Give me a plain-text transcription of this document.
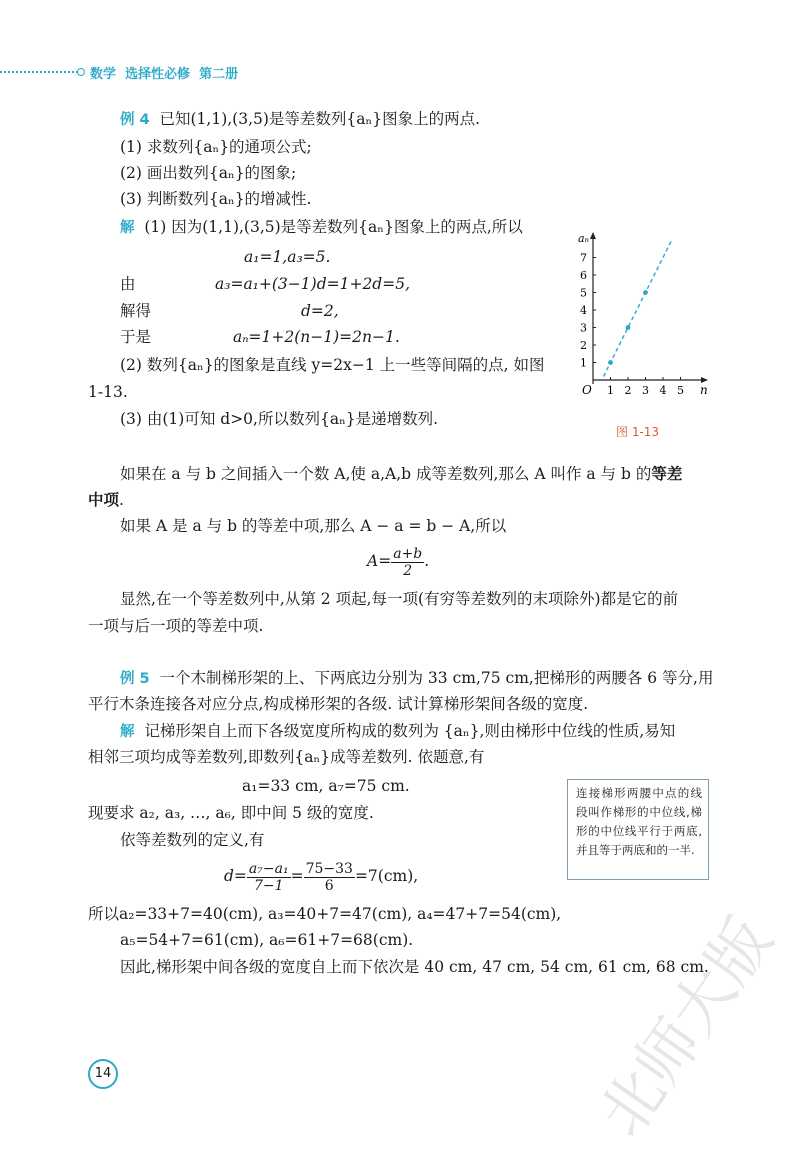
数学  选择性必修  第二册
例 4 已知(1,1),(3,5)是等差数列{aₙ}图象上的两点.
(1) 求数列{aₙ}的通项公式;
(2) 画出数列{aₙ}的图象;
(3) 判断数列{aₙ}的增减性.
解 (1) 因为(1,1),(3,5)是等差数列{aₙ}图象上的两点,所以
a₁=1,a₃=5.
由	a₃=a₁+(3−1)d=1+2d=5,
解得	d=2,
于是	aₙ=1+2(n−1)=2n−1.
(2) 数列{aₙ}的图象是直线 y=2x−1 上一些等间隔的点, 如图
1-13.
(3) 由(1)可知 d>0,所以数列{aₙ}是递增数列.
1 2 3 4 5
1
2
3
4
5
6
7
O	n
aₙ
图 1-13
如果在 a 与 b 之间插入一个数 A,使 a,A,b 成等差数列,那么 A 叫作 a 与 b 的等差
中项.
如果 A 是 a 与 b 的等差中项,那么 A − a = b − A,所以
$A= \frac{a+b}{2}$ .
显然,在一个等差数列中,从第 2 项起,每一项(有穷等差数列的末项除外)都是它的前
一项与后一项的等差中项.
例 5 一个木制梯形架的上、下两底边分别为 33 cm,75 cm,把梯形的两腰各 6 等分,用
平行木条连接各对应分点,构成梯形架的各级. 试计算梯形架间各级的宽度.
解 记梯形架自上而下各级宽度所构成的数列为 {aₙ},则由梯形中位线的性质,易知
相邻三项均成等差数列,即数列{aₙ}成等差数列. 依题意,有
a₁=33 cm, a₇=75 cm.
现要求 a₂, a₃, …, a₆, 即中间 5 级的宽度.
依等差数列的定义,有
$d= \frac{\text{a₇−a₁}}{7-1} = \frac{75-33}{6} =7(cm)$,
所以a₂=33+7=40(cm), a₃=40+7=47(cm), a₄=47+7=54(cm),
a₅=54+7=61(cm), a₆=61+7=68(cm).
因此,梯形架中间各级的宽度自上而下依次是 40 cm, 47 cm, 54 cm, 61 cm, 68 cm.
连接梯形两腰中点的线段叫作梯形的中位线,梯形的中位线平行于两底,并且等于两底和的一半.
14	北师大版
